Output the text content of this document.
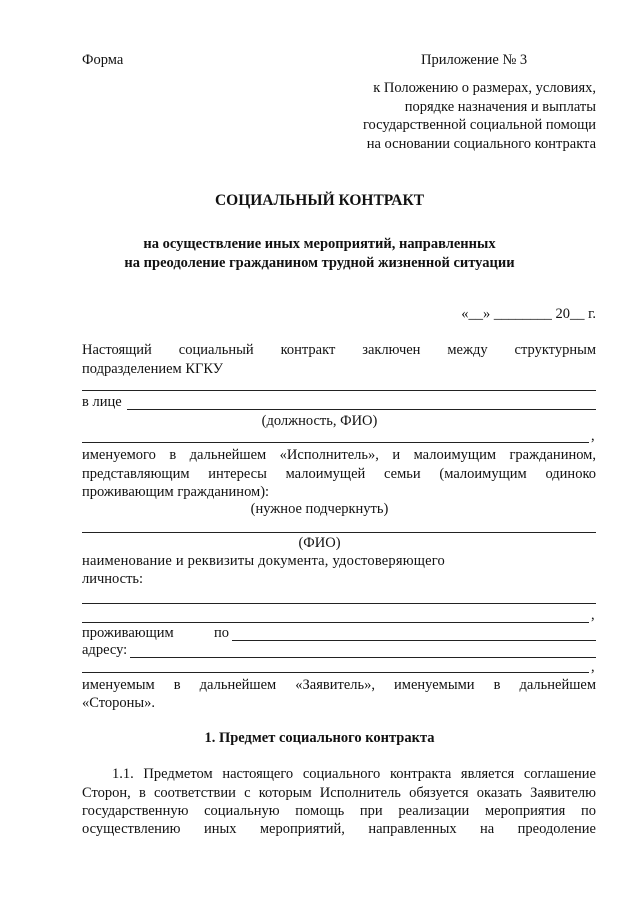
Форма	Приложение № 3
к Положению о размерах, условиях,
порядке назначения и выплаты
государственной социальной помощи
на основании социального контракта
СОЦИАЛЬНЫЙ КОНТРАКТ
на осуществление иных мероприятий, направленных
на преодоление гражданином трудной жизненной ситуации
«__» ________ 20__ г.
Настоящий социальный контракт заключен между структурным
подразделением КГКУ
в лице
(должность, ФИО)
,
именуемого в дальнейшем «Исполнитель», и малоимущим гражданином,
представляющим интересы малоимущей семьи (малоимущим одиноко
проживающим гражданином):
(нужное подчеркнуть)
(ФИО)
наименование и реквизиты документа, удостоверяющего
личность:
,
проживающим	по
адресу:
,
именуемым в дальнейшем «Заявитель», именуемыми в дальнейшем
«Стороны».
1. Предмет социального контракта
1.1. Предметом настоящего социального контракта является соглашение
Сторон, в соответствии с которым Исполнитель обязуется оказать Заявителю
государственную социальную помощь при реализации мероприятия по
осуществлению иных мероприятий, направленных на преодоление
